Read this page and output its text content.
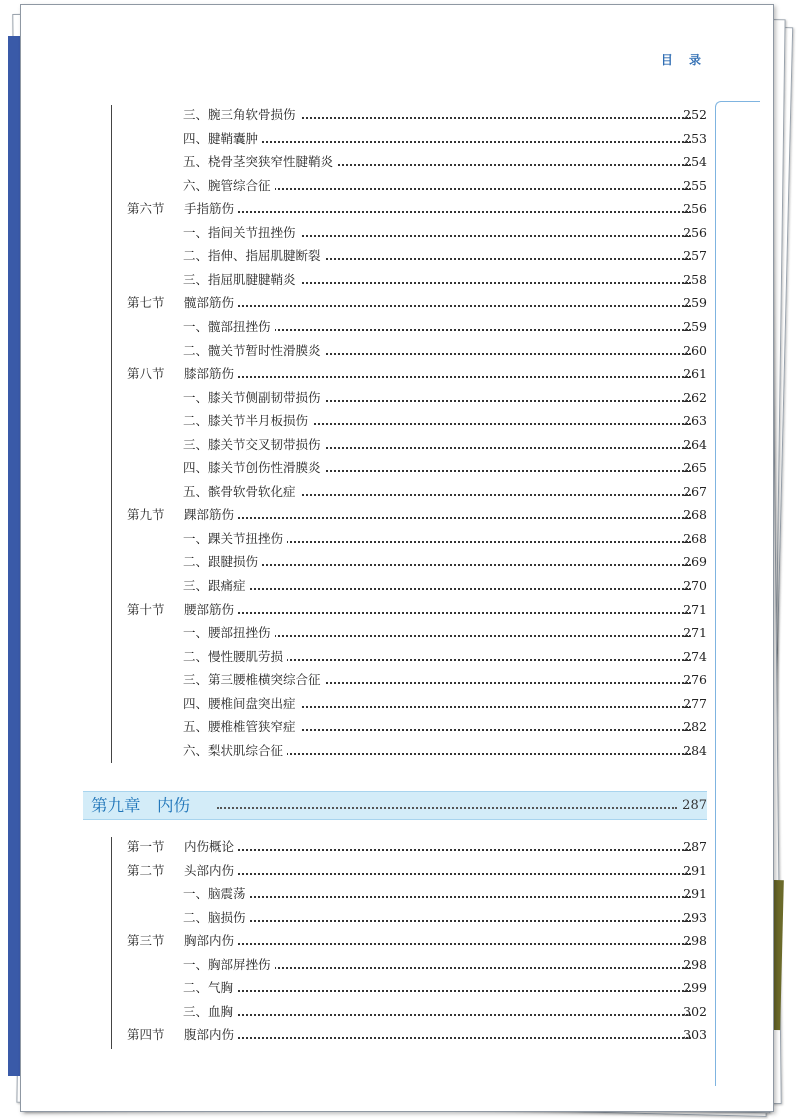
目 录
三、腕三角软骨损伤	252
四、腱鞘囊肿	253
五、桡骨茎突狭窄性腱鞘炎	254
六、腕管综合征	255
第六节 手指筋伤	256
一、指间关节扭挫伤	256
二、指伸、指屈肌腱断裂	257
三、指屈肌腱腱鞘炎	258
第七节 髋部筋伤	259
一、髋部扭挫伤	259
二、髋关节暂时性滑膜炎	260
第八节 膝部筋伤	261
一、膝关节侧副韧带损伤	262
二、膝关节半月板损伤	263
三、膝关节交叉韧带损伤	264
四、膝关节创伤性滑膜炎	265
五、髌骨软骨软化症	267
第九节 踝部筋伤	268
一、踝关节扭挫伤	268
二、跟腱损伤	269
三、跟痛症	270
第十节 腰部筋伤	271
一、腰部扭挫伤	271
二、慢性腰肌劳损	274
三、第三腰椎横突综合征	276
四、腰椎间盘突出症	277
五、腰椎椎管狭窄症	282
六、梨状肌综合征	284
第九章　内伤	287
第一节 内伤概论	287
第二节 头部内伤	291
一、脑震荡	291
二、脑损伤	293
第三节 胸部内伤	298
一、胸部屏挫伤	298
二、气胸	299
三、血胸	302
第四节 腹部内伤	303
